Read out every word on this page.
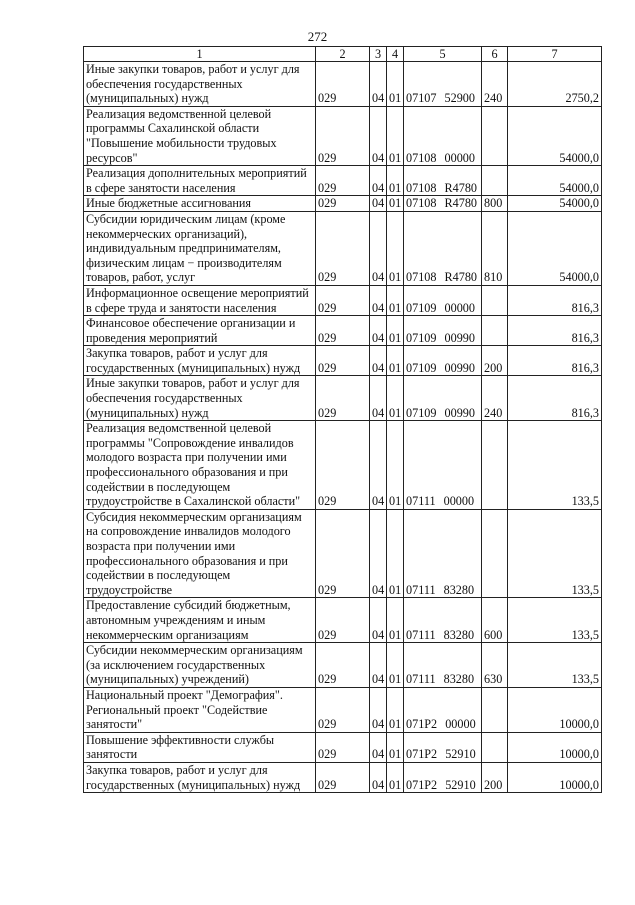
272
1	2	3	4	5	6	7
Иные закупки товаров, работ и услуг для обеспечения государственных (муниципальных) нужд	029	04	01	07107 52900	240	2750,2
Реализация ведомственной целевой программы Сахалинской области "Повышение мобильности трудовых ресурсов"	029	04	01	07108 00000		54000,0
Реализация дополнительных мероприятий в сфере занятости населения	029	04	01	07108 R4780		54000,0
Иные бюджетные ассигнования	029	04	01	07108 R4780	800	54000,0
Субсидии юридическим лицам (кроме некоммерческих организаций), индивидуальным предпринимателям, физическим лицам − производителям товаров, работ, услуг	029	04	01	07108 R4780	810	54000,0
Информационное освещение мероприятий в сфере труда и занятости населения	029	04	01	07109 00000		816,3
Финансовое обеспечение организации и проведения мероприятий	029	04	01	07109 00990		816,3
Закупка товаров, работ и услуг для государственных (муниципальных) нужд	029	04	01	07109 00990	200	816,3
Иные закупки товаров, работ и услуг для обеспечения государственных (муниципальных) нужд	029	04	01	07109 00990	240	816,3
Реализация ведомственной целевой программы "Сопровождение инвалидов молодого возраста при получении ими профессионального образования и при содействии в последующем трудоустройстве в Сахалинской области"	029	04	01	07111 00000		133,5
Субсидия некоммерческим организациям на сопровождение инвалидов молодого возраста при получении ими профессионального образования и при содействии в последующем трудоустройстве	029	04	01	07111 83280		133,5
Предоставление субсидий бюджетным, автономным учреждениям и иным некоммерческим организациям	029	04	01	07111 83280	600	133,5
Субсидии некоммерческим организациям (за исключением государственных (муниципальных) учреждений)	029	04	01	07111 83280	630	133,5
Национальный проект "Демография". Региональный проект "Содействие занятости"	029	04	01	071P2 00000		10000,0
Повышение эффективности службы занятости	029	04	01	071P2 52910		10000,0
Закупка товаров, работ и услуг для государственных (муниципальных) нужд	029	04	01	071P2 52910	200	10000,0
